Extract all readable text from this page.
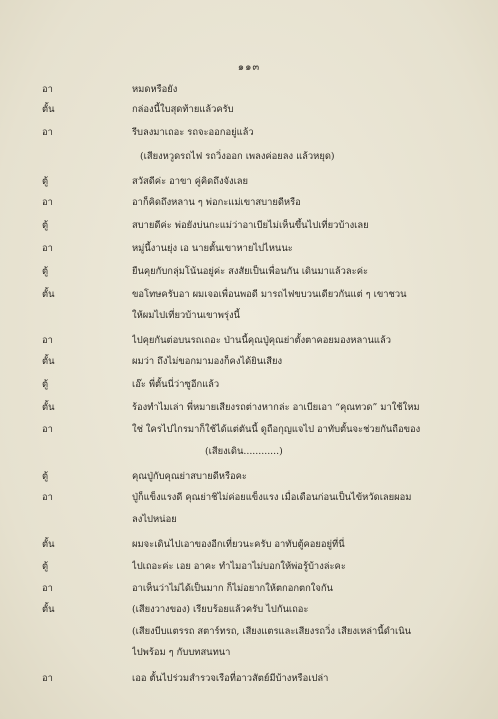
๑๑๓
อา	หมดหรือยัง
ตั้น	กล่องนี้ใบสุดท้ายแล้วครับ
อา	รีบลงมาเถอะ รถจะออกอยู่แล้ว
(เสียงหวูดรถไฟ รถวิ่งออก เพลงค่อยลง แล้วหยุด)
ตู้	สวัสดีค่ะ อาขา คู่คิดถึงจังเลย
อา	อาก็คิดถึงหลาน ๆ พ่อกะแม่เขาสบายดีหรือ
ตู้	สบายดีค่ะ พ่อยังบ่นกะแม่ว่าอาเบียไม่เห็นขึ้นไปเที่ยวบ้างเลย
อา	หมู่นี้งานยุ่ง เอ นายตั้นเขาหายไปไหนนะ
ตู้	ยืนคุยกับกลุ่มโน้นอยู่ค่ะ สงสัยเป็นเพื่อนกัน เดินมาแล้วละค่ะ
ตั้น	ขอโทษครับอา ผมเจอเพื่อนพอดี มารถไฟขบวนเดียวกันแต่ ๆ เขาชวน
ให้ผมไปเที่ยวบ้านเขาพรุ่งนี้
อา	ไปคุยกันต่อบนรถเถอะ ป่านนี้คุณปู่คุณย่าตั้งตาคอยมองหลานแล้ว
ตั้น	ผมว่า ถึงไม่ขอกมามองก็คงได้ยินเสียง
ตู้	เอ๊ะ พี่ตั้นนี่ว่าซูอีกแล้ว
ตั้น	ร้องทำไมเล่า พี่หมายเสียงรถต่างหากล่ะ อาเบียเอา “คุณทวด” มาใช้ใหม
อา	ใช่ ใครไปไกรมาก็ใช้ได้แต่ตันนี้ ดูถือกุญแจไป อาทับตั้นจะช่วยกันถือของ
(เสียงเดิน............)
ตู้	คุณปู่กับคุณย่าสบายดีหรือคะ
อา	ปู่ก็แข็งแรงดี คุณย่าชิไม่ค่อยแข็งแรง เมื่อเดือนก่อนเป็นไข้หวัดเลยผอม
ลงไปหน่อย
ตั้น	ผมจะเดินไปเอาของอีกเที่ยวนะครับ อาทับตู้คอยอยู่ที่นี่
ตู้	ไปเถอะค่ะ เอย อาคะ ทำไมอาไม่บอกให้พ่อรู้บ้างล่ะคะ
อา	อาเห็นว่าไม่ได้เป็นมาก ก็ไม่อยากให้ตกอกตกใจกัน
ตั้น	(เสียงวางของ) เรียบร้อยแล้วครับ ไปกันเถอะ
(เสียงบีบแตรรถ สตาร์ทรถ, เสียงแตรและเสียงรถวิ่ง เสียงเหล่านี้ดำเนิน
ไปพร้อม ๆ กับบทสนทนา
อา	เออ ตั้นไปร่วมสำรวจเรือที่อาวสัตย์มีบ้างหรือเปล่า
